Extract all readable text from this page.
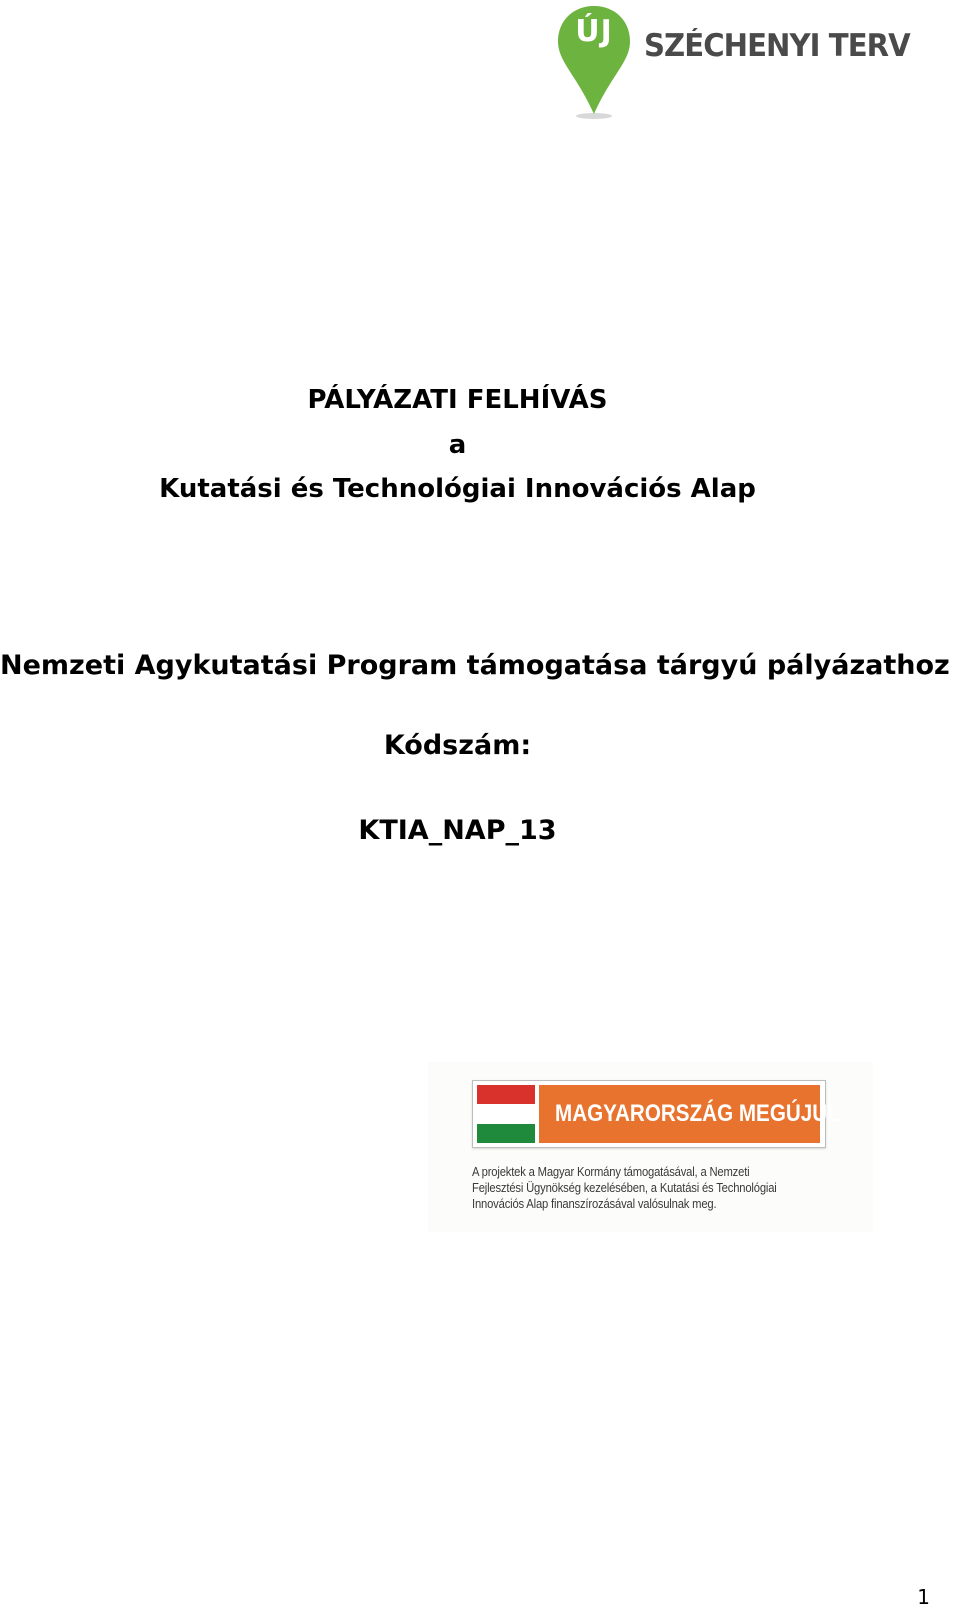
ÚJ	SZÉCHENYI TERV
PÁLYÁZATI FELHÍVÁS
a
Kutatási és Technológiai Innovációs Alap
Nemzeti Agykutatási Program támogatása tárgyú pályázathoz
Kódszám:
KTIA_NAP_13
MAGYARORSZÁG MEGÚJUL
A projektek a Magyar Kormány támogatásával, a Nemzeti
Fejlesztési Ügynökség kezelésében, a Kutatási és Technológiai
Innovációs Alap finanszírozásával valósulnak meg.
1
